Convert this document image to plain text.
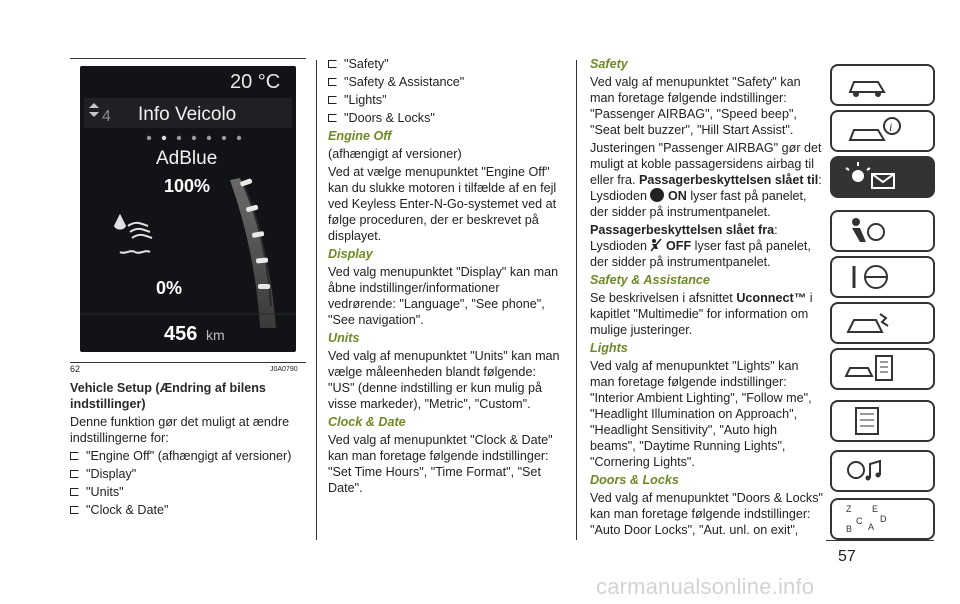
20 °C
4 Info Veicolo
AdBlue
100%
0%
456 km
62	J0A0790

Vehicle Setup (Ændring af bilens indstillinger)

Denne funktion gør det muligt at ændre indstillingerne for:

"Engine Off" (afhængigt af versioner)

"Display"

"Units"

"Clock & Date"

"Safety"

"Safety & Assistance"

"Lights"

"Doors & Locks"

Engine Off

(afhængigt af versioner)

Ved at vælge menupunktet "Engine Off" kan du slukke motoren i tilfælde af en fejl ved Keyless Enter-N-Go-systemet ved at følge proceduren, der er beskrevet på displayet.

Display

Ved valg menupunktet "Display" kan man åbne indstillinger/informationer vedrørende: "Language", "See phone", "See navigation".

Units

Ved valg af menupunktet "Units" kan man vælge måleenheden blandt følgende: "US" (denne indstilling er kun mulig på visse markeder), "Metric", "Custom".

Clock & Date

Ved valg af menupunktet "Clock & Date" kan man foretage følgende indstillinger: "Set Time Hours", "Time Format", "Set Date".

Safety

Ved valg af menupunktet "Safety" kan man foretage følgende indstillinger: "Passenger AIRBAG", "Speed beep", "Seat belt buzzer", "Hill Start Assist".

Justeringen "Passenger AIRBAG" gør det muligt at koble passagersidens airbag til eller fra. Passagerbeskyttelsen slået til: Lysdioden ON lyser fast på panelet, der sidder på instrumentpanelet.

Passagerbeskyttelsen slået fra: Lysdioden OFF lyser fast på panelet, der sidder på instrumentpanelet.

Safety & Assistance

Se beskrivelsen i afsnittet Uconnect™ i kapitlet "Multimedie" for information om mulige justeringer.

Lights

Ved valg af menupunktet "Lights" kan man foretage følgende indstillinger: "Interior Ambient Lighting", "Follow me", "Headlight Illumination on Approach", "Headlight Sensitivity", "Auto high beams", "Daytime Running Lights", "Cornering Lights".

Doors & Locks

Ved valg af menupunktet "Doors & Locks" kan man foretage følgende indstillinger: "Auto Door Locks", "Aut. unl. on exit",

i
Z E
C
B A
D
57
carmanualsonline.info
